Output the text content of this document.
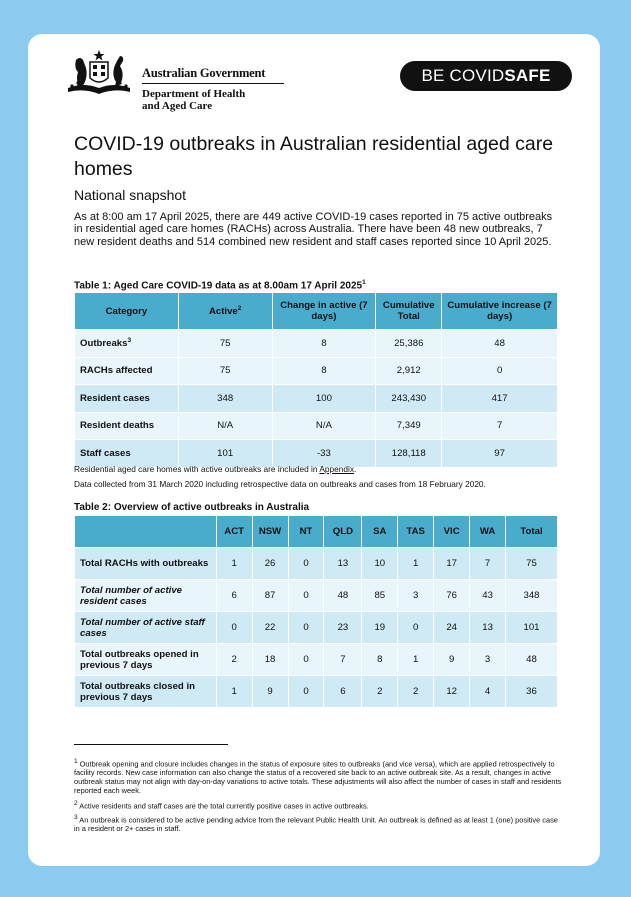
Australian Government
Department of Health
and Aged Care
BE COVID SAFE
COVID-19 outbreaks in Australian residential aged care homes
National snapshot
As at 8:00 am 17 April 2025, there are 449 active COVID-19 cases reported in 75 active outbreaks in residential aged care homes (RACHs) across Australia. There have been 48 new outbreaks, 7 new resident deaths and 514 combined new resident and staff cases reported since 10 April 2025.
Table 1: Aged Care COVID-19 data as at 8.00am 17 April 2025$^1$
Category	Active$^2$	Change in active (7 days)	Cumulative Total	Cumulative increase (7 days)
Outbreaks$^3$	75	8	25,386	48
RACHs affected	75	8	2,912	0
Resident cases	348	100	243,430	417
Resident deaths	N/A	N/A	7,349	7
Staff cases	101	-33	128,118	97
Residential aged care homes with active outbreaks are included in Appendix.
Data collected from 31 March 2020 including retrospective data on outbreaks and cases from 18 February 2020.
Table 2: Overview of active outbreaks in Australia
	ACT	NSW	NT	QLD	SA	TAS	VIC	WA	Total
Total RACHs with outbreaks	1	26	0	13	10	1	17	7	75
Total number of active resident cases	6	87	0	48	85	3	76	43	348
Total number of active staff cases	0	22	0	23	19	0	24	13	101
Total outbreaks opened in previous 7 days	2	18	0	7	8	1	9	3	48
Total outbreaks closed in previous 7 days	1	9	0	6	2	2	12	4	36
$^1$ Outbreak opening and closure includes changes in the status of exposure sites to outbreaks (and vice versa), which are applied retrospectively to facility records. New case information can also change the status of a recovered site back to an active outbreak site. As a result, changes in active outbreak status may not align with day-on-day variations to active totals. These adjustments will also affect the number of cases in staff and residents reported each week.
$^2$ Active residents and staff cases are the total currently positive cases in active outbreaks.
$^3$ An outbreak is considered to be active pending advice from the relevant Public Health Unit. An outbreak is defined as at least 1 (one) positive case in a resident or 2+ cases in staff.
